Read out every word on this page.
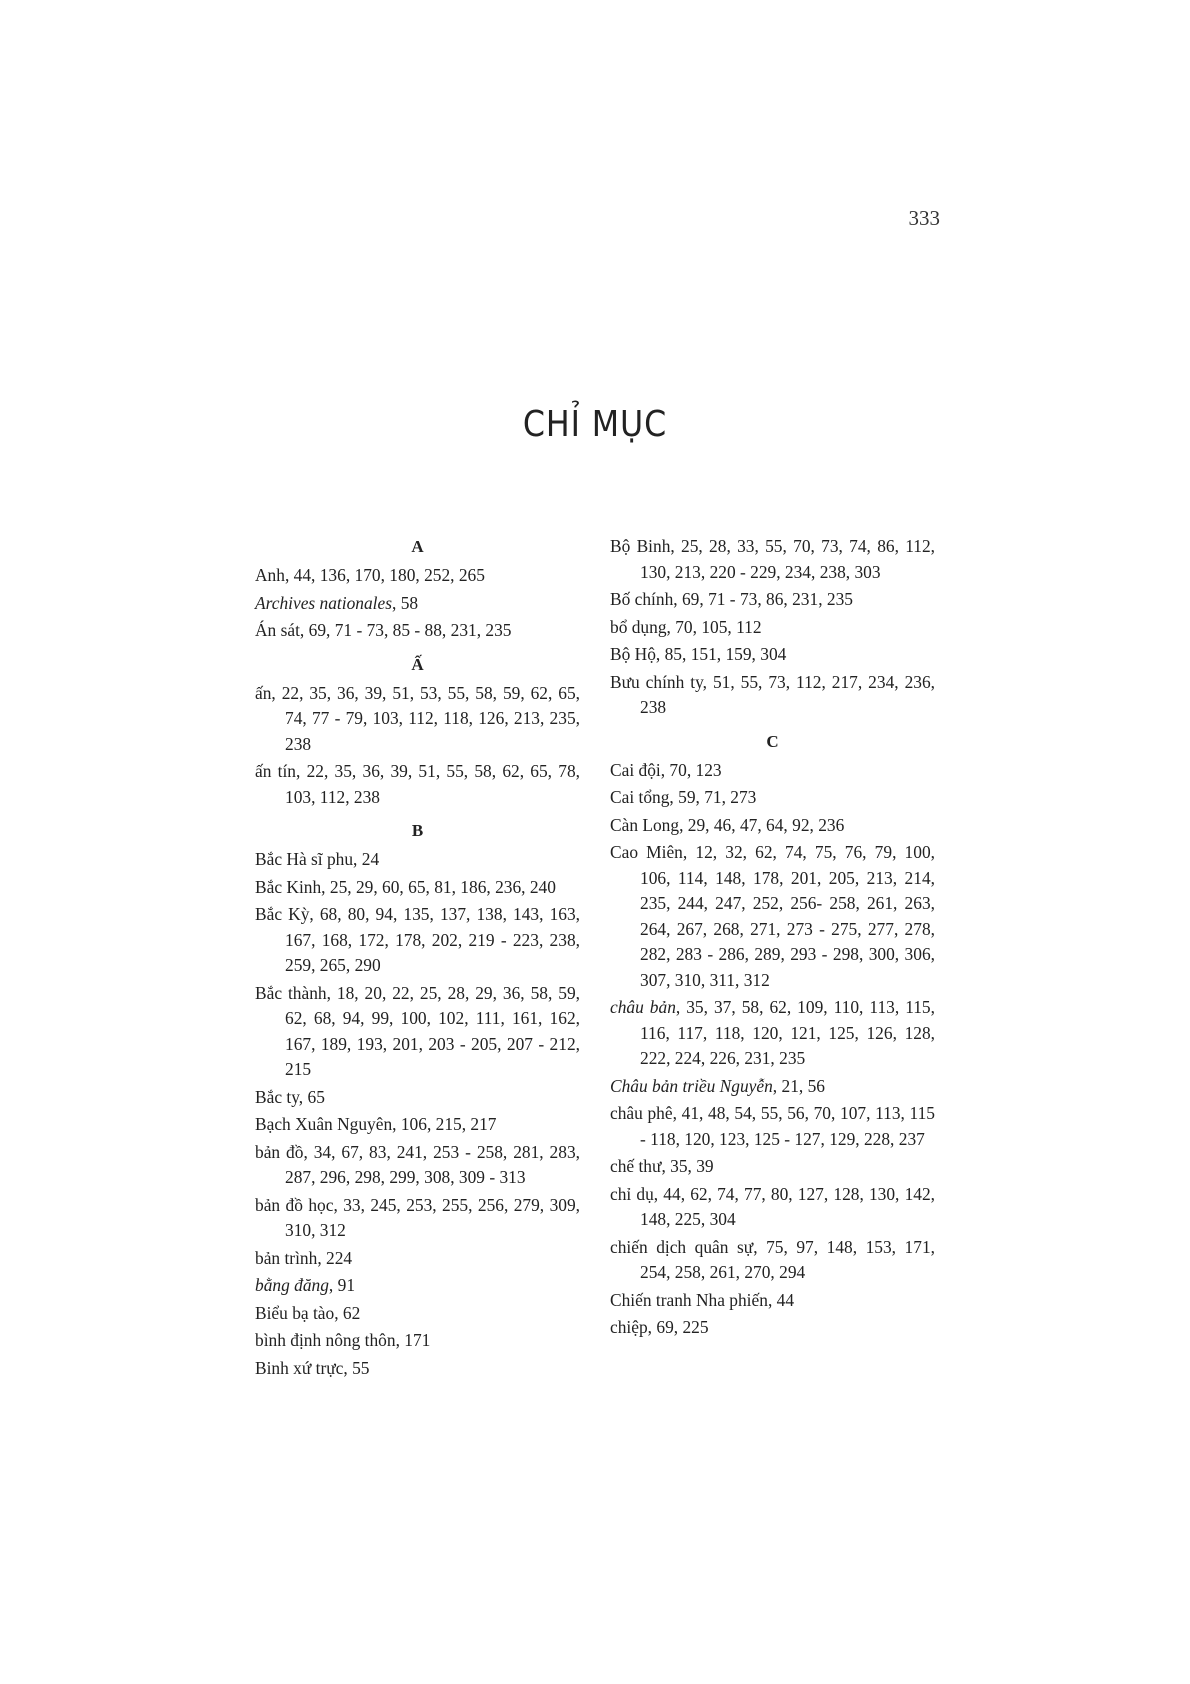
333
CHỈ MỤC
A
Anh, 44, 136, 170, 180, 252, 265
Archives nationales, 58
Án sát, 69, 71 - 73, 85 - 88, 231, 235
Ấ
ấn, 22, 35, 36, 39, 51, 53, 55, 58, 59, 62, 65, 74, 77 - 79, 103, 112, 118, 126, 213, 235, 238
ấn tín, 22, 35, 36, 39, 51, 55, 58, 62, 65, 78, 103, 112, 238
B
Bắc Hà sĩ phu, 24
Bắc Kinh, 25, 29, 60, 65, 81, 186, 236, 240
Bắc Kỳ, 68, 80, 94, 135, 137, 138, 143, 163, 167, 168, 172, 178, 202, 219 - 223, 238, 259, 265, 290
Bắc thành, 18, 20, 22, 25, 28, 29, 36, 58, 59, 62, 68, 94, 99, 100, 102, 111, 161, 162, 167, 189, 193, 201, 203 - 205, 207 - 212, 215
Bắc ty, 65
Bạch Xuân Nguyên, 106, 215, 217
bản đồ, 34, 67, 83, 241, 253 - 258, 281, 283, 287, 296, 298, 299, 308, 309 - 313
bản đồ học, 33, 245, 253, 255, 256, 279, 309, 310, 312
bản trình, 224
bằng đăng, 91
Biểu bạ tào, 62
bình định nông thôn, 171
Binh xứ trực, 55
Bộ Binh, 25, 28, 33, 55, 70, 73, 74, 86, 112, 130, 213, 220 - 229, 234, 238, 303
Bố chính, 69, 71 - 73, 86, 231, 235
bổ dụng, 70, 105, 112
Bộ Hộ, 85, 151, 159, 304
Bưu chính ty, 51, 55, 73, 112, 217, 234, 236, 238
C
Cai đội, 70, 123
Cai tổng, 59, 71, 273
Càn Long, 29, 46, 47, 64, 92, 236
Cao Miên, 12, 32, 62, 74, 75, 76, 79, 100, 106, 114, 148, 178, 201, 205, 213, 214, 235, 244, 247, 252, 256- 258, 261, 263, 264, 267, 268, 271, 273 - 275, 277, 278, 282, 283 - 286, 289, 293 - 298, 300, 306, 307, 310, 311, 312
châu bản, 35, 37, 58, 62, 109, 110, 113, 115, 116, 117, 118, 120, 121, 125, 126, 128, 222, 224, 226, 231, 235
Châu bản triều Nguyễn, 21, 56
châu phê, 41, 48, 54, 55, 56, 70, 107, 113, 115 - 118, 120, 123, 125 - 127, 129, 228, 237
chế thư, 35, 39
chỉ dụ, 44, 62, 74, 77, 80, 127, 128, 130, 142, 148, 225, 304
chiến dịch quân sự, 75, 97, 148, 153, 171, 254, 258, 261, 270, 294
Chiến tranh Nha phiến, 44
chiệp, 69, 225
